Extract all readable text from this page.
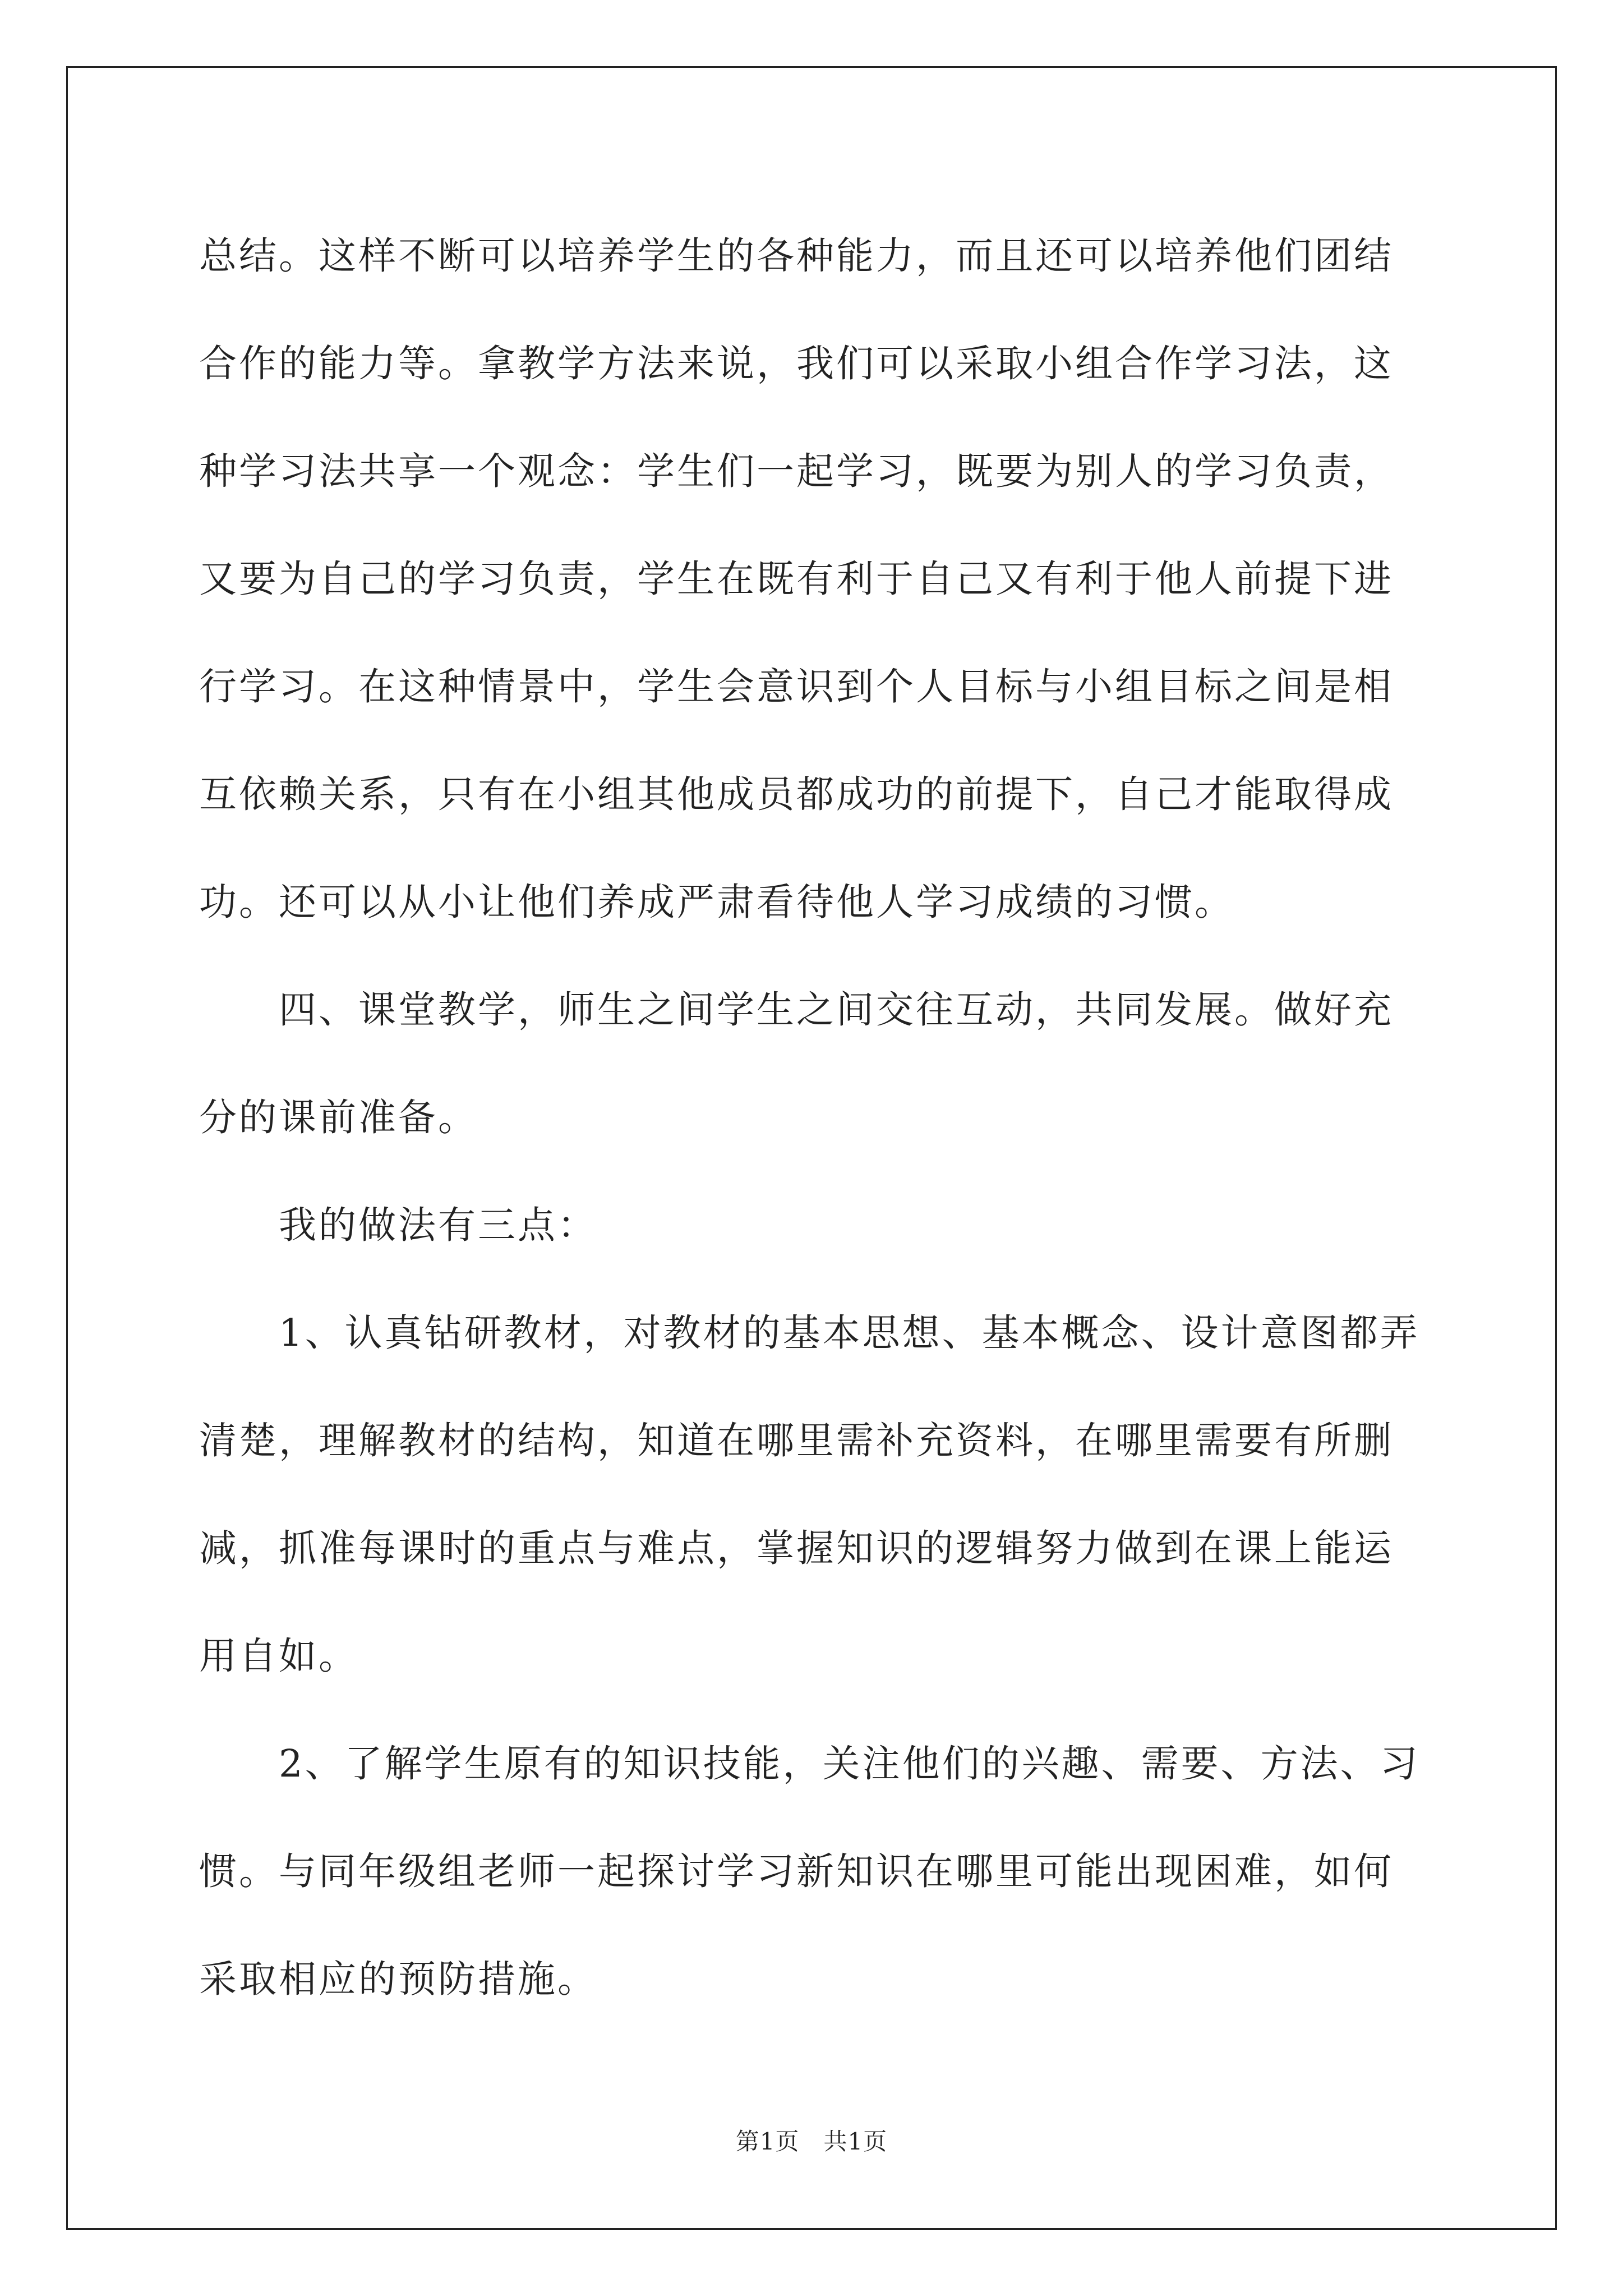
总结。这样不断可以培养学生的各种能力，而且还可以培养他们团结
合作的能力等。拿教学方法来说，我们可以采取小组合作学习法，这
种学习法共享一个观念：学生们一起学习，既要为别人的学习负责，
又要为自己的学习负责，学生在既有利于自己又有利于他人前提下进
行学习。在这种情景中，学生会意识到个人目标与小组目标之间是相
互依赖关系，只有在小组其他成员都成功的前提下，自己才能取得成
功。还可以从小让他们养成严肃看待他人学习成绩的习惯。
四、课堂教学，师生之间学生之间交往互动，共同发展。做好充
分的课前准备。
我的做法有三点：
1、认真钻研教材，对教材的基本思想、基本概念、设计意图都弄
清楚，理解教材的结构，知道在哪里需补充资料，在哪里需要有所删
减，抓准每课时的重点与难点，掌握知识的逻辑努力做到在课上能运
用自如。
2、了解学生原有的知识技能，关注他们的兴趣、需要、方法、习
惯。与同年级组老师一起探讨学习新知识在哪里可能出现困难，如何
采取相应的预防措施。
第1页 共1页
